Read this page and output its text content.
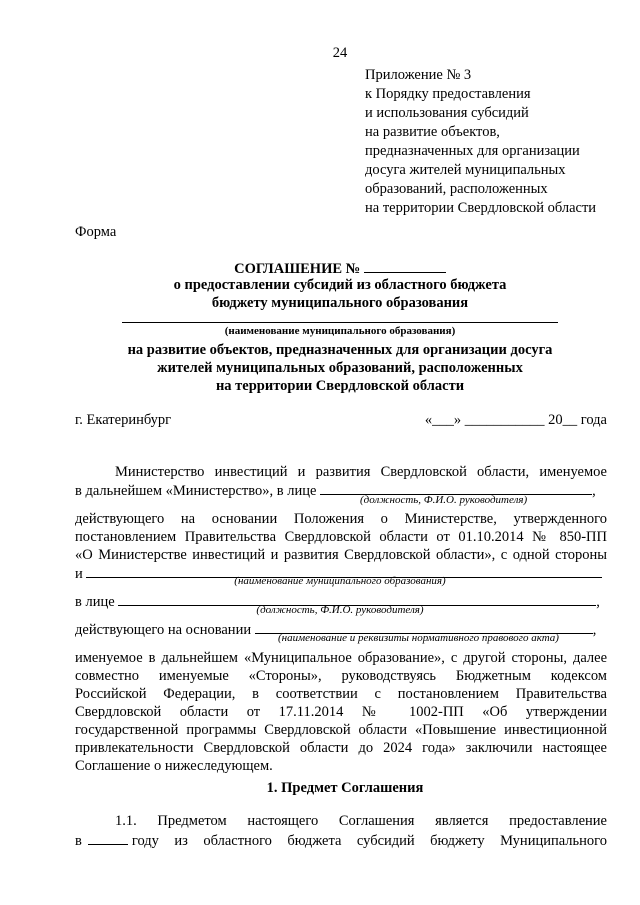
24
Приложение № 3
к Порядку предоставления
и использования субсидий
на развитие объектов,
предназначенных для организации
досуга жителей муниципальных
образований, расположенных
на территории Свердловской области
Форма
СОГЛАШЕНИЕ №
о предоставлении субсидий из областного бюджета
бюджету муниципального образования
(наименование муниципального образования)
на развитие объектов, предназначенных для организации досуга
жителей муниципальных образований, расположенных
на территории Свердловской области
г. Екатеринбург	«___» ___________ 20__ года
Министерство инвестиций и развития Свердловской области, именуемое
в дальнейшем «Министерство», в лице	,
(должность, Ф.И.О. руководителя)
действующего на основании Положения о Министерстве, утвержденного
постановлением Правительства Свердловской области от 01.10.2014 № 850-ПП
«О Министерстве инвестиций и развития Свердловской области», с одной стороны
и	(наименование муниципального образования)
в лице	,
(должность, Ф.И.О. руководителя)
действующего на основании	,
(наименование и реквизиты нормативного правового акта)
именуемое в дальнейшем «Муниципальное образование», с другой стороны, далее
совместно именуемые «Стороны», руководствуясь Бюджетным кодексом
Российской Федерации, в соответствии с постановлением Правительства
Свердловской области от 17.11.2014 № 1002-ПП «Об утверждении
государственной программы Свердловской области «Повышение инвестиционной
привлекательности Свердловской области до 2024 года» заключили настоящее
Соглашение о нижеследующем.
1. Предмет Соглашения
1.1. Предметом настоящего Соглашения является предоставление
в	году из областного бюджета субсидий бюджету Муниципального
